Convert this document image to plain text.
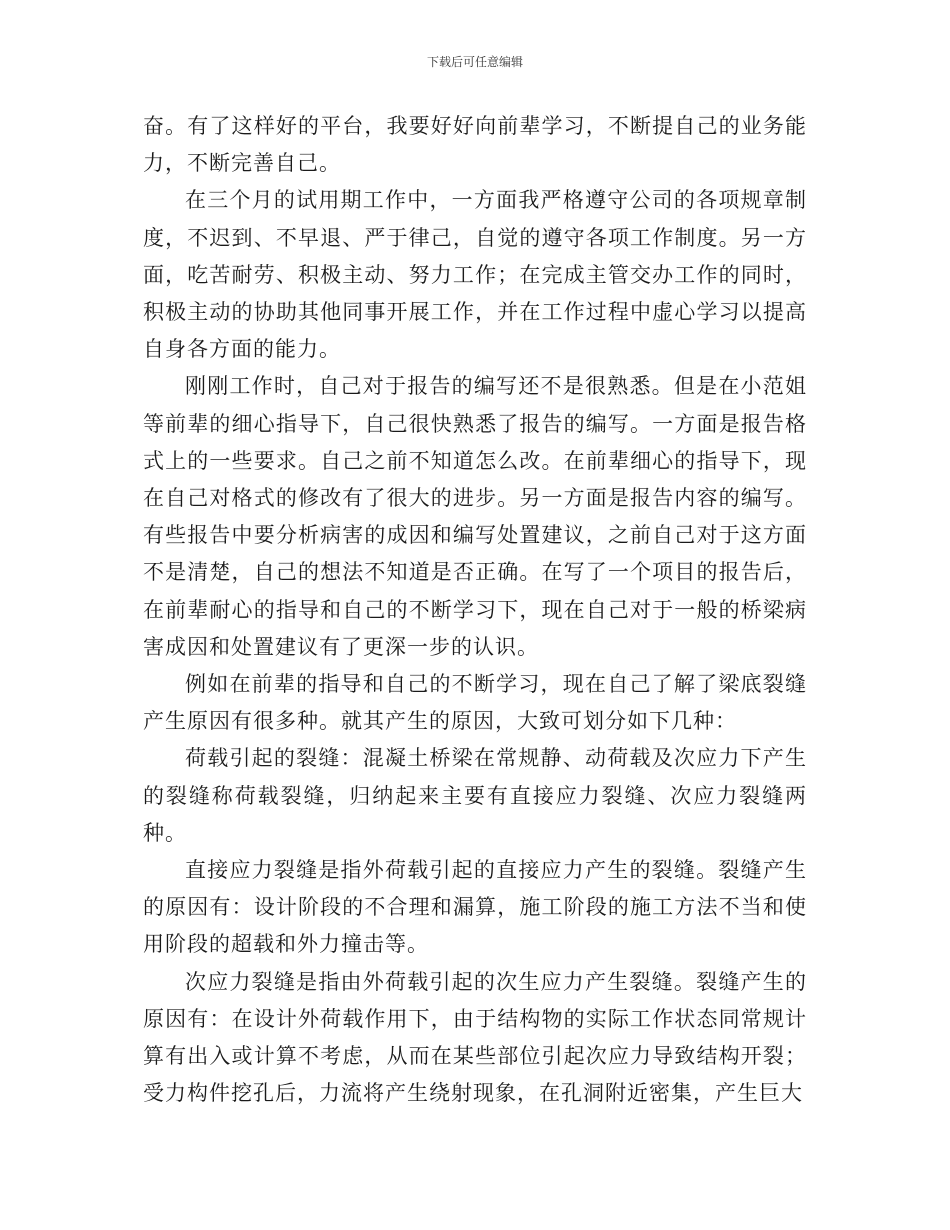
下载后可任意编辑

奋。有了这样好的平台，我要好好向前辈学习，不断提自己的业务能力，不断完善自己。

在三个月的试用期工作中，一方面我严格遵守公司的各项规章制度，不迟到、不早退、严于律己，自觉的遵守各项工作制度。另一方面，吃苦耐劳、积极主动、努力工作；在完成主管交办工作的同时，积极主动的协助其他同事开展工作，并在工作过程中虚心学习以提高自身各方面的能力。

刚刚工作时，自己对于报告的编写还不是很熟悉。但是在小范姐等前辈的细心指导下，自己很快熟悉了报告的编写。一方面是报告格式上的一些要求。自己之前不知道怎么改。在前辈细心的指导下，现在自己对格式的修改有了很大的进步。另一方面是报告内容的编写。有些报告中要分析病害的成因和编写处置建议，之前自己对于这方面不是清楚，自己的想法不知道是否正确。在写了一个项目的报告后，在前辈耐心的指导和自己的不断学习下，现在自己对于一般的桥梁病害成因和处置建议有了更深一步的认识。

例如在前辈的指导和自己的不断学习，现在自己了解了梁底裂缝产生原因有很多种。就其产生的原因，大致可划分如下几种：

荷载引起的裂缝：混凝土桥梁在常规静、动荷载及次应力下产生的裂缝称荷载裂缝，归纳起来主要有直接应力裂缝、次应力裂缝两种。

直接应力裂缝是指外荷载引起的直接应力产生的裂缝。裂缝产生的原因有：设计阶段的不合理和漏算，施工阶段的施工方法不当和使用阶段的超载和外力撞击等。

次应力裂缝是指由外荷载引起的次生应力产生裂缝。裂缝产生的原因有：在设计外荷载作用下，由于结构物的实际工作状态同常规计算有出入或计算不考虑，从而在某些部位引起次应力导致结构开裂；受力构件挖孔后，力流将产生绕射现象，在孔洞附近密集，产生巨大
